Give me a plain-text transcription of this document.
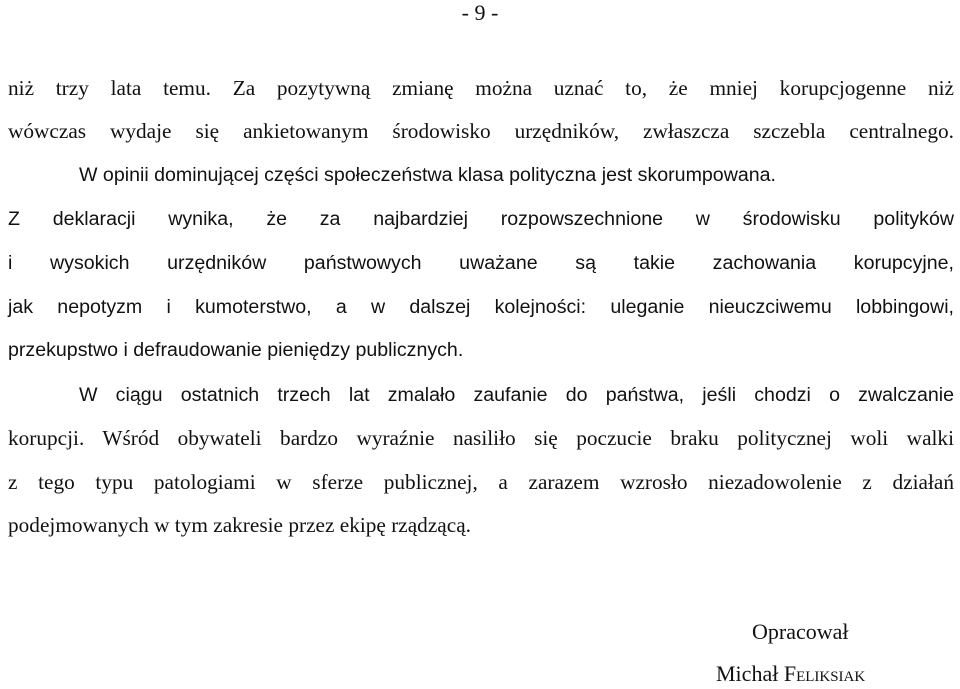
- 9 -
niż trzy lata temu. Za pozytywną zmianę można uznać to, że mniej korupcjogenne niż
wówczas wydaje się ankietowanym środowisko urzędników, zwłaszcza szczebla centralnego.
W opinii dominującej części społeczeństwa klasa polityczna jest skorumpowana.
Z deklaracji wynika, że za najbardziej rozpowszechnione w środowisku polityków
i wysokich urzędników państwowych uważane są takie zachowania korupcyjne,
jak nepotyzm i kumoterstwo, a w dalszej kolejności: uleganie nieuczciwemu lobbingowi,
przekupstwo i defraudowanie pieniędzy publicznych.
W ciągu ostatnich trzech lat zmalało zaufanie do państwa, jeśli chodzi o zwalczanie
korupcji. Wśród obywateli bardzo wyraźnie nasiliło się poczucie braku politycznej woli walki
z tego typu patologiami w sferze publicznej, a zarazem wzrosło niezadowolenie z działań
podejmowanych w tym zakresie przez ekipę rządzącą.
Opracował
Michał Feliksiak
